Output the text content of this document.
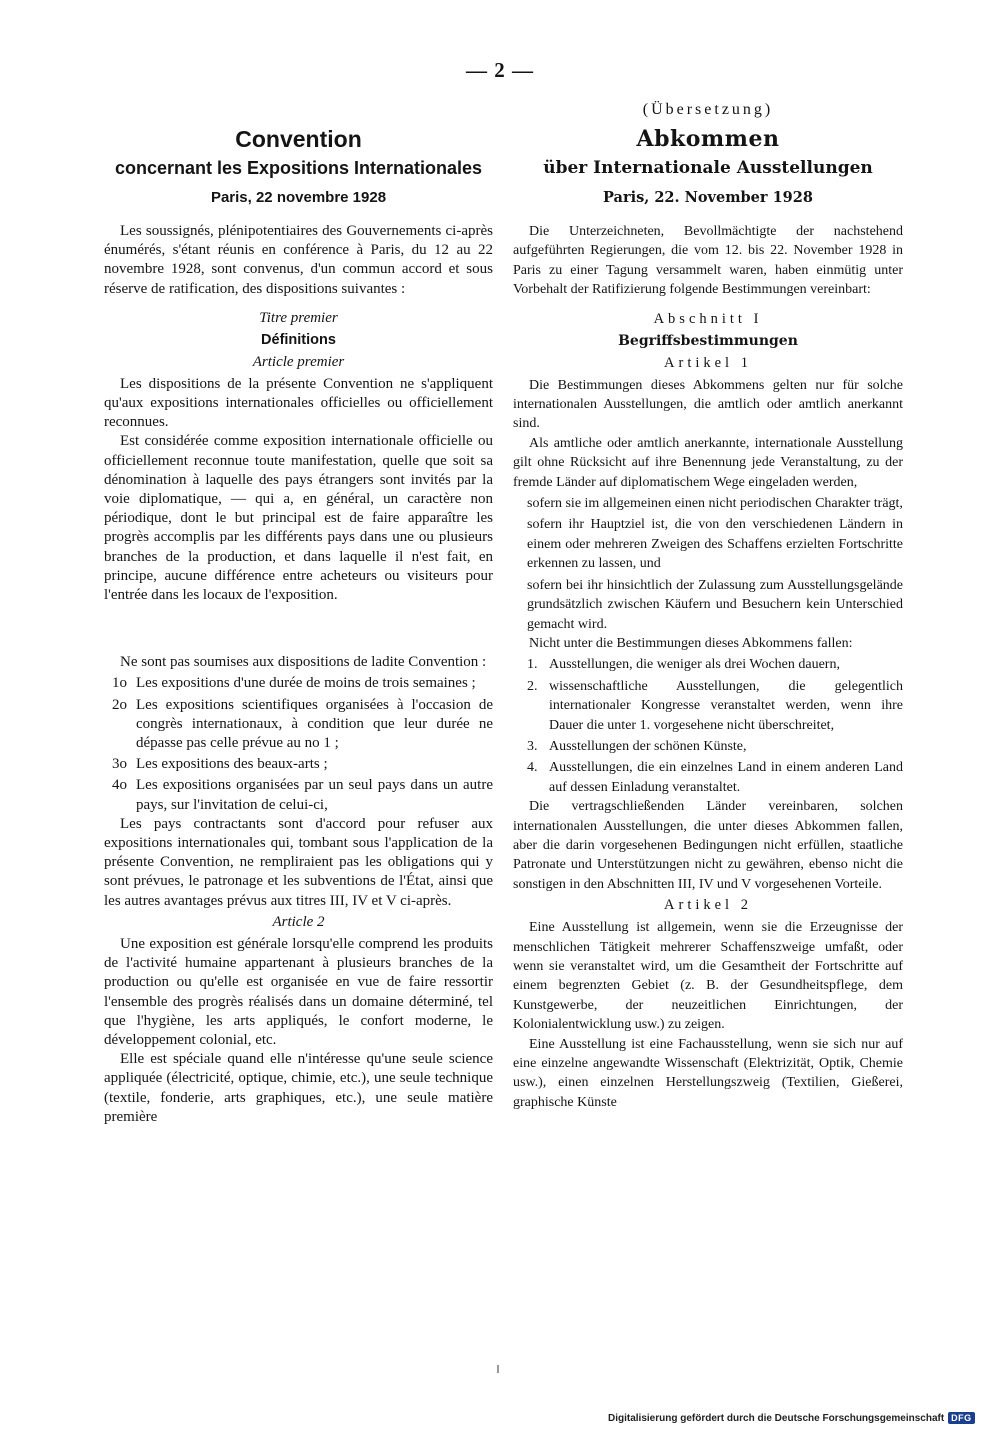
— 2 —
Convention
concernant les Expositions Internationales
Paris, 22 novembre 1928

Les soussignés, plénipotentiaires des Gouvernements ci-après énumérés, s'étant réunis en conférence à Paris, du 12 au 22 novembre 1928, sont convenus, d'un commun accord et sous réserve de ratification, des dispositions suivantes :

Titre premier
Définitions
Article premier

Les dispositions de la présente Convention ne s'appliquent qu'aux expositions internationales officielles ou officiellement reconnues.

Est considérée comme exposition internationale officielle ou officiellement reconnue toute manifestation, quelle que soit sa dénomination à laquelle des pays étrangers sont invités par la voie diplomatique, — qui a, en général, un caractère non périodique, dont le but principal est de faire apparaître les progrès accomplis par les différents pays dans une ou plusieurs branches de la production, et dans laquelle il n'est fait, en principe, aucune différence entre acheteurs ou visiteurs pour l'entrée dans les locaux de l'exposition.

Ne sont pas soumises aux dispositions de ladite Convention :

1o Les expositions d'une durée de moins de trois semaines ;
2o Les expositions scientifiques organisées à l'occasion de congrès internationaux, à condition que leur durée ne dépasse pas celle prévue au no 1 ;
3o Les expositions des beaux-arts ;
4o Les expositions organisées par un seul pays dans un autre pays, sur l'invitation de celui-ci,

Les pays contractants sont d'accord pour refuser aux expositions internationales qui, tombant sous l'application de la présente Convention, ne rempliraient pas les obligations qui y sont prévues, le patronage et les subventions de l'État, ainsi que les autres avantages prévus aux titres III, IV et V ci-après.

Article 2

Une exposition est générale lorsqu'elle comprend les produits de l'activité humaine appartenant à plusieurs branches de la production ou qu'elle est organisée en vue de faire ressortir l'ensemble des progrès réalisés dans un domaine déterminé, tel que l'hygiène, les arts appliqués, le confort moderne, le développement colonial, etc.

Elle est spéciale quand elle n'intéresse qu'une seule science appliquée (électricité, optique, chimie, etc.), une seule technique (textile, fonderie, arts graphiques, etc.), une seule matière première

(Übersetzung)
Abkommen
über Internationale Ausstellungen
Paris, 22. November 1928

Die Unterzeichneten, Bevollmächtigte der nachstehend aufgeführten Regierungen, die vom 12. bis 22. November 1928 in Paris zu einer Tagung versammelt waren, haben einmütig unter Vorbehalt der Ratifizierung folgende Bestimmungen vereinbart:

Abschnitt I
Begriffsbestimmungen
Artikel 1

Die Bestimmungen dieses Abkommens gelten nur für solche internationalen Ausstellungen, die amtlich oder amtlich anerkannt sind.

Als amtliche oder amtlich anerkannte, internationale Ausstellung gilt ohne Rücksicht auf ihre Benennung jede Veranstaltung, zu der fremde Länder auf diplomatischem Wege eingeladen werden,

sofern sie im allgemeinen einen nicht periodischen Charakter trägt,
sofern ihr Hauptziel ist, die von den verschiedenen Ländern in einem oder mehreren Zweigen des Schaffens erzielten Fortschritte erkennen zu lassen, und
sofern bei ihr hinsichtlich der Zulassung zum Ausstellungsgelände grundsätzlich zwischen Käufern und Besuchern kein Unterschied gemacht wird.

Nicht unter die Bestimmungen dieses Abkommens fallen:

1. Ausstellungen, die weniger als drei Wochen dauern,
2. wissenschaftliche Ausstellungen, die gelegentlich internationaler Kongresse veranstaltet werden, wenn ihre Dauer die unter 1. vorgesehene nicht überschreitet,
3. Ausstellungen der schönen Künste,
4. Ausstellungen, die ein einzelnes Land in einem anderen Land auf dessen Einladung veranstaltet.

Die vertragschließenden Länder vereinbaren, solchen internationalen Ausstellungen, die unter dieses Abkommen fallen, aber die darin vorgesehenen Bedingungen nicht erfüllen, staatliche Patronate und Unterstützungen nicht zu gewähren, ebenso nicht die sonstigen in den Abschnitten III, IV und V vorgesehenen Vorteile.

Artikel 2

Eine Ausstellung ist allgemein, wenn sie die Erzeugnisse der menschlichen Tätigkeit mehrerer Schaffenszweige umfaßt, oder wenn sie veranstaltet wird, um die Gesamtheit der Fortschritte auf einem begrenzten Gebiet (z. B. der Gesundheitspflege, dem Kunstgewerbe, der neuzeitlichen Einrichtungen, der Kolonialentwicklung usw.) zu zeigen.

Eine Ausstellung ist eine Fachausstellung, wenn sie sich nur auf eine einzelne angewandte Wissenschaft (Elektrizität, Optik, Chemie usw.), einen einzelnen Herstellungszweig (Textilien, Gießerei, graphische Künste

Digitalisierung gefördert durch die Deutsche Forschungsgemeinschaft DFG
